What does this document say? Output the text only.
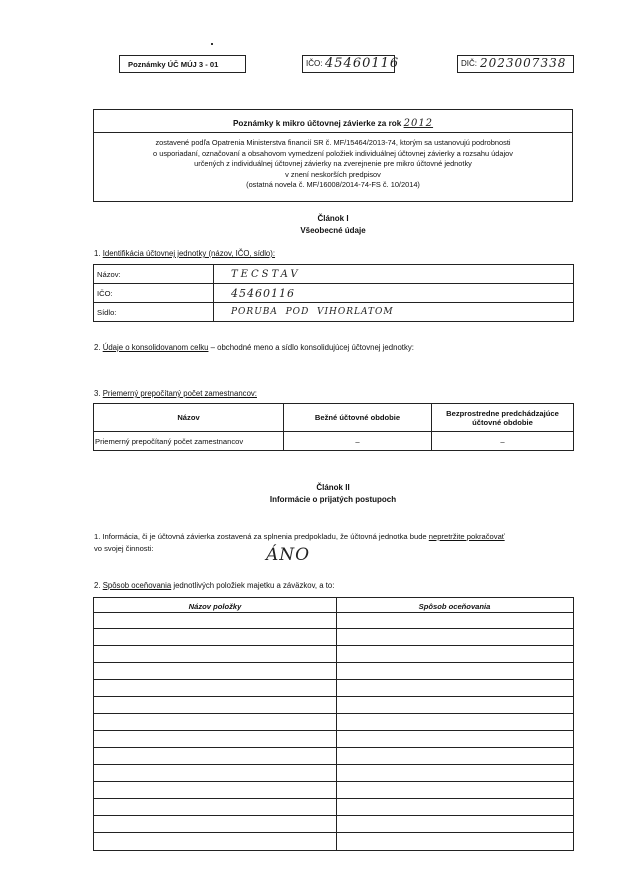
Poznámky ÚČ MÚJ 3 - 01	IČO: 45460116	DIČ: 2023007338
Poznámky k mikro účtovnej závierke za rok 2012
zostavené podľa Opatrenia Ministerstva financií SR č. MF/15464/2013-74, ktorým sa ustanovujú podrobnosti
o usporiadaní, označovaní a obsahovom vymedzení položiek individuálnej účtovnej závierky a rozsahu údajov
určených z individuálnej účtovnej závierky na zverejnenie pre mikro účtovné jednotky
v znení neskorších predpisov
(ostatná novela č. MF/16008/2014-74-FS č. 10/2014)
Článok I
Všeobecné údaje
1. Identifikácia účtovnej jednotky (názov, IČO, sídlo):
Názov:	TECSTAV
IČO:	45460116
Sídlo:	PORUBA  POD  VIHORLATOM
2. Údaje o konsolidovanom celku – obchodné meno a sídlo konsolidujúcej účtovnej jednotky:
3. Priemerný prepočítaný počet zamestnancov:
Názov	Bežné účtovné obdobie	Bezprostredne predchádzajúce účtovné obdobie
Priemerný prepočítaný počet zamestnancov	–	–
Článok II
Informácie o prijatých postupoch
1. Informácia, či je účtovná závierka zostavená za splnenia predpokladu, že účtovná jednotka bude nepretržite pokračovať
vo svojej činnosti:	ÁNO
2. Spôsob oceňovania jednotlivých položiek majetku a záväzkov, a to:
Názov položky	Spôsob oceňovania
